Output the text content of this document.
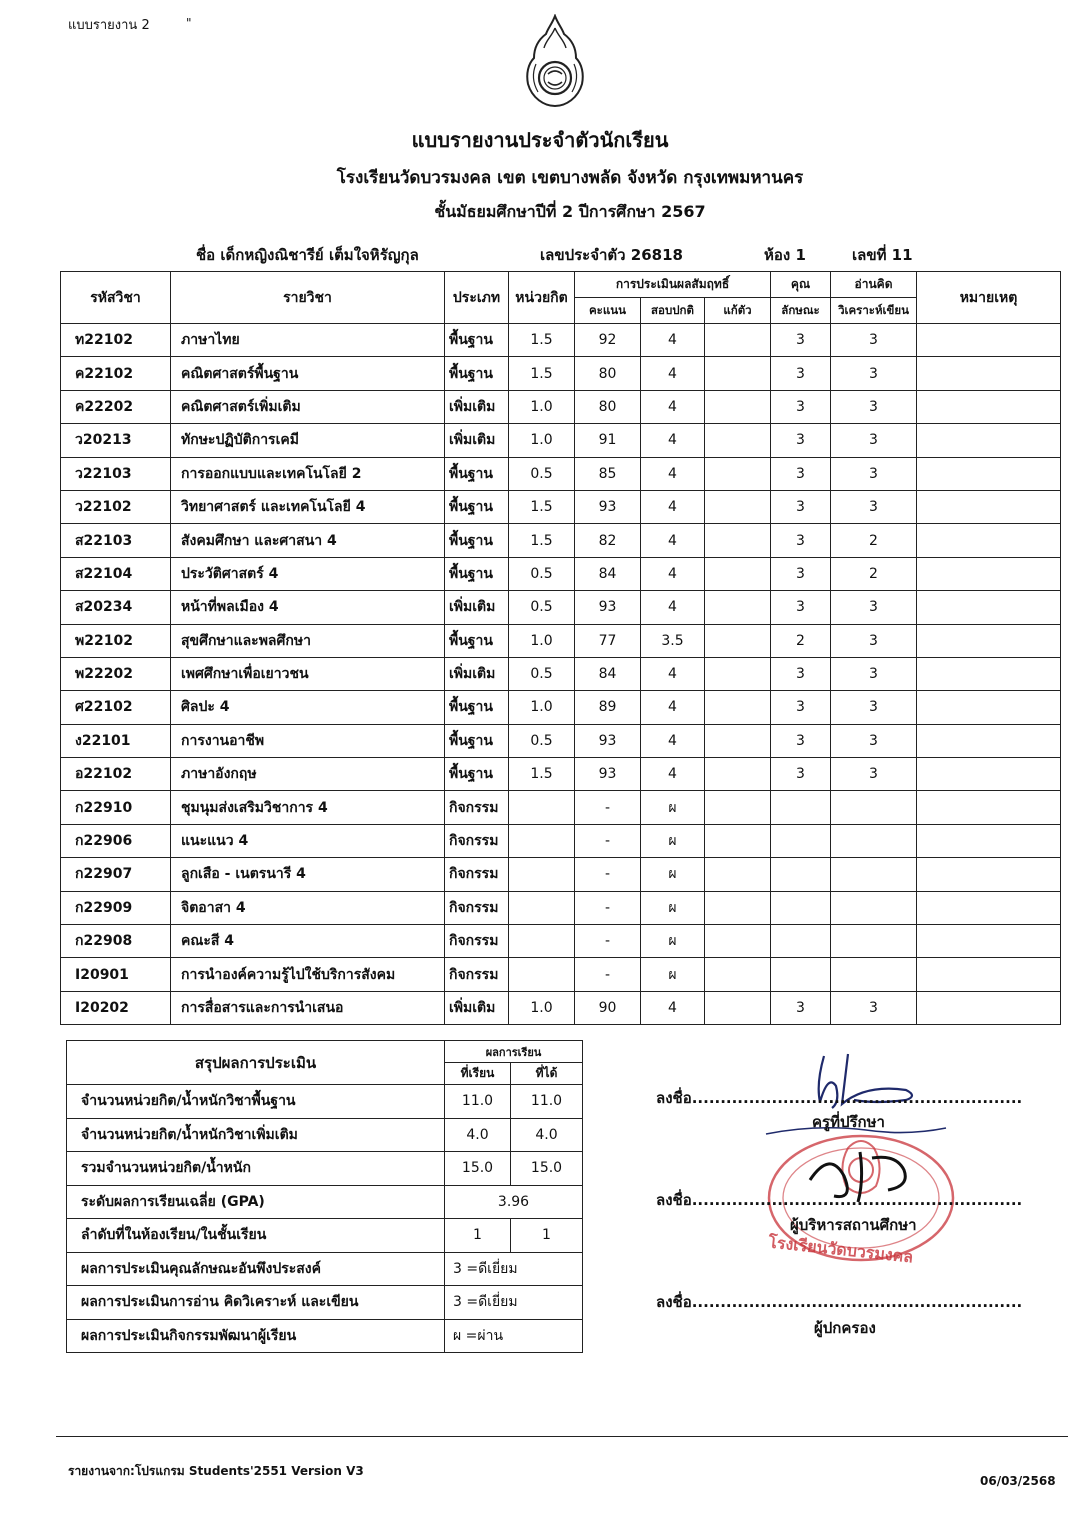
แบบรายงาน 2	"
แบบรายงานประจำตัวนักเรียน
โรงเรียนวัดบวรมงคล เขต เขตบางพลัด จังหวัด กรุงเทพมหานคร
ชั้นมัธยมศึกษาปีที่ 2 ปีการศึกษา 2567
ชื่อ เด็กหญิงณิชารีย์ เต็มใจหิรัญกุล	เลขประจำตัว 26818	ห้อง 1	เลขที่ 11
รหัสวิชา	รายวิชา	ประเภท	หน่วยกิต	การประเมินผลสัมฤทธิ์			คุณ	อ่านคิด	หมายเหตุ
				คะแนน	สอบปกติ	แก้ตัว	ลักษณะ	วิเคราะห์เขียน	
ท22102	ภาษาไทย	พื้นฐาน	1.5	92	4		3	3	
ค22102	คณิตศาสตร์พื้นฐาน	พื้นฐาน	1.5	80	4		3	3	
ค22202	คณิตศาสตร์เพิ่มเติม	เพิ่มเติม	1.0	80	4		3	3	
ว20213	ทักษะปฏิบัติการเคมี	เพิ่มเติม	1.0	91	4		3	3	
ว22103	การออกแบบและเทคโนโลยี 2	พื้นฐาน	0.5	85	4		3	3	
ว22102	วิทยาศาสตร์ และเทคโนโลยี 4	พื้นฐาน	1.5	93	4		3	3	
ส22103	สังคมศึกษา และศาสนา 4	พื้นฐาน	1.5	82	4		3	2	
ส22104	ประวัติศาสตร์ 4	พื้นฐาน	0.5	84	4		3	2	
ส20234	หน้าที่พลเมือง 4	เพิ่มเติม	0.5	93	4		3	3	
พ22102	สุขศึกษาและพลศึกษา	พื้นฐาน	1.0	77	3.5		2	3	
พ22202	เพศศึกษาเพื่อเยาวชน	เพิ่มเติม	0.5	84	4		3	3	
ศ22102	ศิลปะ 4	พื้นฐาน	1.0	89	4		3	3	
ง22101	การงานอาชีพ	พื้นฐาน	0.5	93	4		3	3	
อ22102	ภาษาอังกฤษ	พื้นฐาน	1.5	93	4		3	3	
ก22910	ชุมนุมส่งเสริมวิชาการ 4	กิจกรรม		-	ผ				
ก22906	แนะแนว 4	กิจกรรม		-	ผ				
ก22907	ลูกเสือ - เนตรนารี 4	กิจกรรม		-	ผ				
ก22909	จิตอาสา 4	กิจกรรม		-	ผ				
ก22908	คณะสี 4	กิจกรรม		-	ผ				
I20901	การนำองค์ความรู้ไปใช้บริการสังคม	กิจกรรม		-	ผ				
I20202	การสื่อสารและการนำเสนอ	เพิ่มเติม	1.0	90	4		3	3	
สรุปผลการประเมิน	ผลการเรียน	
	ที่เรียน	ที่ได้
จำนวนหน่วยกิต/น้ำหนักวิชาพื้นฐาน	11.0	11.0
จำนวนหน่วยกิต/น้ำหนักวิชาเพิ่มเติม	4.0	4.0
รวมจำนวนหน่วยกิต/น้ำหนัก	15.0	15.0
ระดับผลการเรียนเฉลี่ย (GPA)	3.96	
ลำดับที่ในห้องเรียน/ในชั้นเรียน	1	1
ผลการประเมินคุณลักษณะอันพึงประสงค์	3 =ดีเยี่ยม	
ผลการประเมินการอ่าน คิดวิเคราะห์ และเขียน	3 =ดีเยี่ยม	
ผลการประเมินกิจกรรมพัฒนาผู้เรียน	ผ =ผ่าน	
ลงชื่อ..........................................................
ครูที่ปรึกษา
ลงชื่อ..........................................................
ผู้บริหารสถานศึกษา
โรงเรียนวัดบวรมงคล
ลงชื่อ..........................................................
ผู้ปกครอง
รายงานจาก:โปรแกรม Students'2551 Version V3
06/03/2568
